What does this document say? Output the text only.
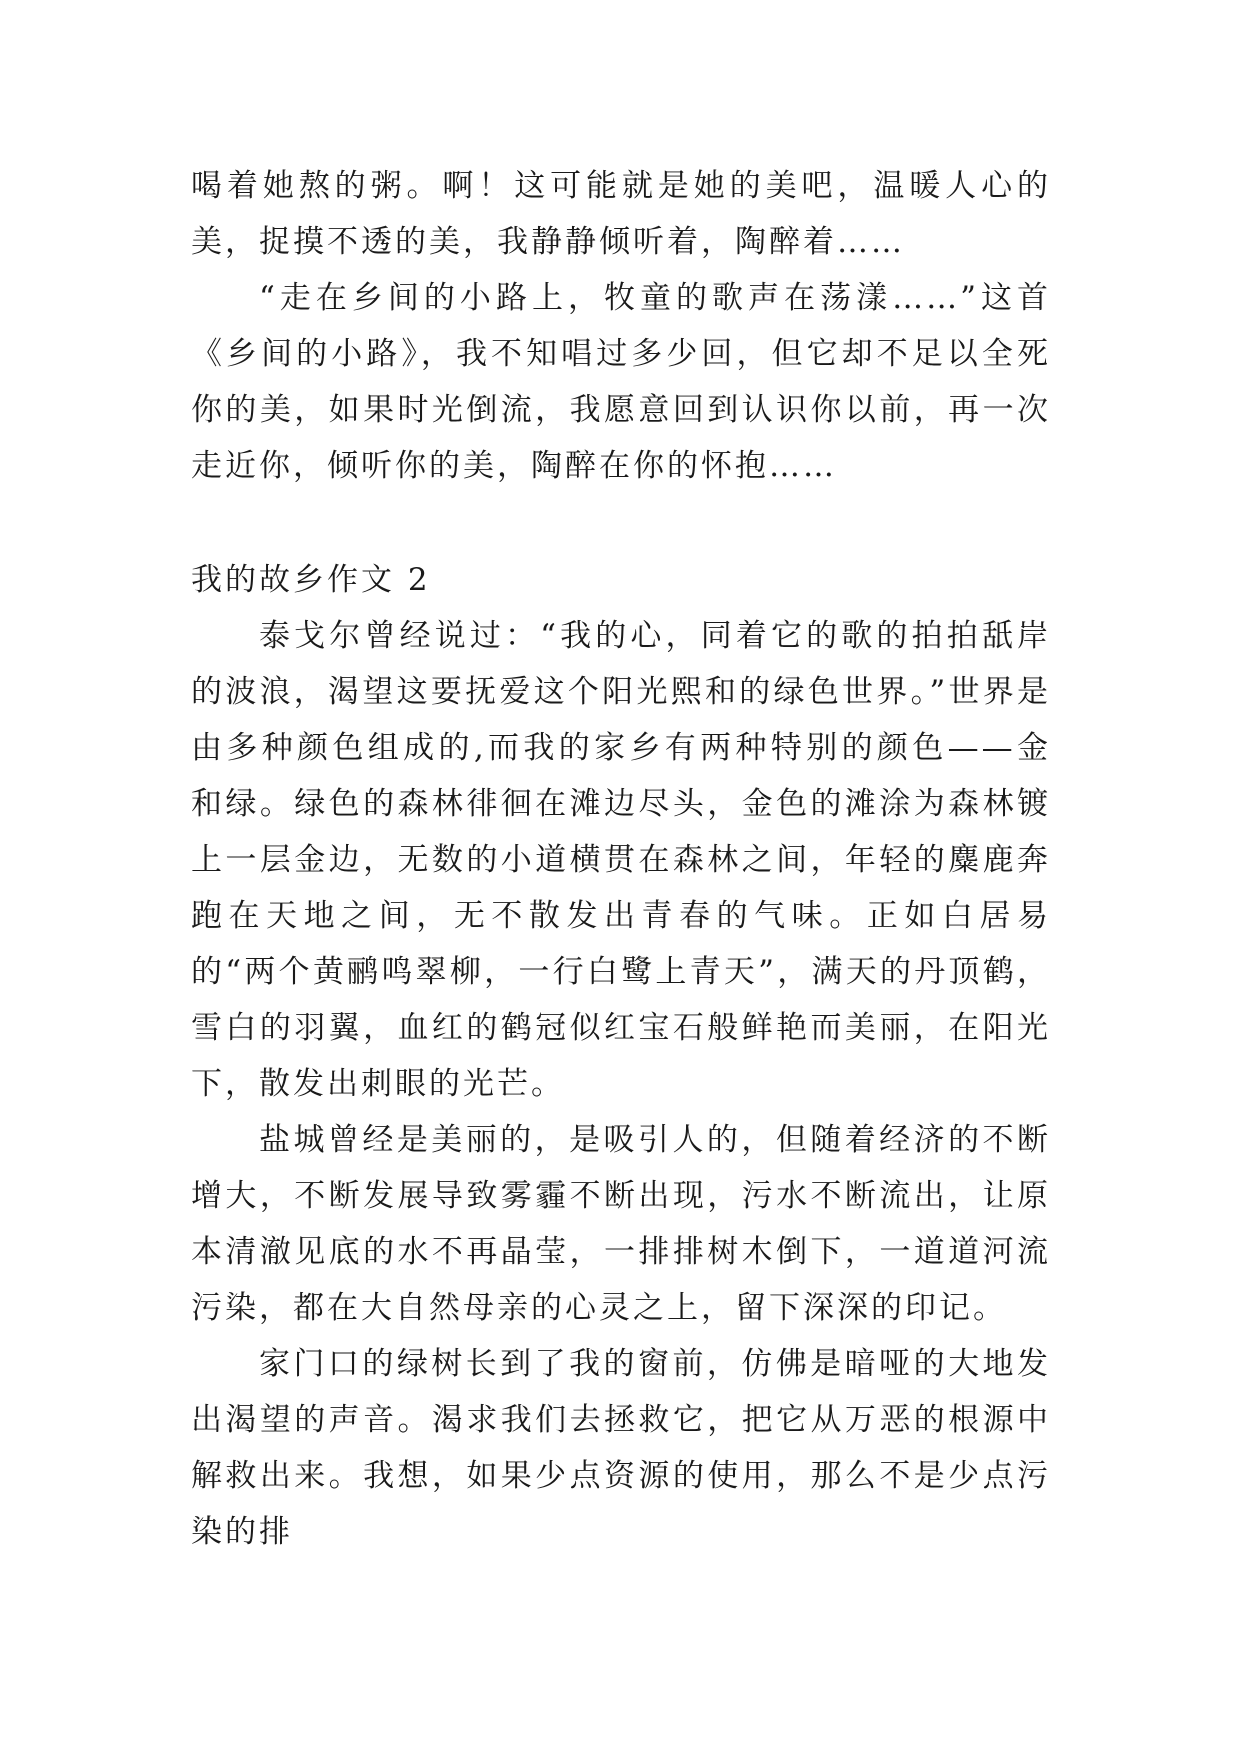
喝着她熬的粥。啊！这可能就是她的美吧，温暖人心的美，捉摸不透的美，我静静倾听着，陶醉着……

“走在乡间的小路上，牧童的歌声在荡漾……”这首《乡间的小路》，我不知唱过多少回，但它却不足以全死你的美，如果时光倒流，我愿意回到认识你以前，再一次走近你，倾听你的美，陶醉在你的怀抱……

我的故乡作文 2

泰戈尔曾经说过：“我的心，同着它的歌的拍拍舐岸的波浪，渴望这要抚爱这个阳光熙和的绿色世界。”世界是由多种颜色组成的,而我的家乡有两种特别的颜色——金和绿。绿色的森林徘徊在滩边尽头，金色的滩涂为森林镀上一层金边，无数的小道横贯在森林之间，年轻的麋鹿奔跑在天地之间，无不散发出青春的气味。正如白居易的“两个黄鹂鸣翠柳，一行白鹭上青天”，满天的丹顶鹤，雪白的羽翼，血红的鹤冠似红宝石般鲜艳而美丽，在阳光下，散发出刺眼的光芒。

盐城曾经是美丽的，是吸引人的，但随着经济的不断增大，不断发展导致雾霾不断出现，污水不断流出，让原本清澈见底的水不再晶莹，一排排树木倒下，一道道河流污染，都在大自然母亲的心灵之上，留下深深的印记。

家门口的绿树长到了我的窗前，仿佛是暗哑的大地发出渴望的声音。渴求我们去拯救它，把它从万恶的根源中解救出来。我想，如果少点资源的使用，那么不是少点污染的排
